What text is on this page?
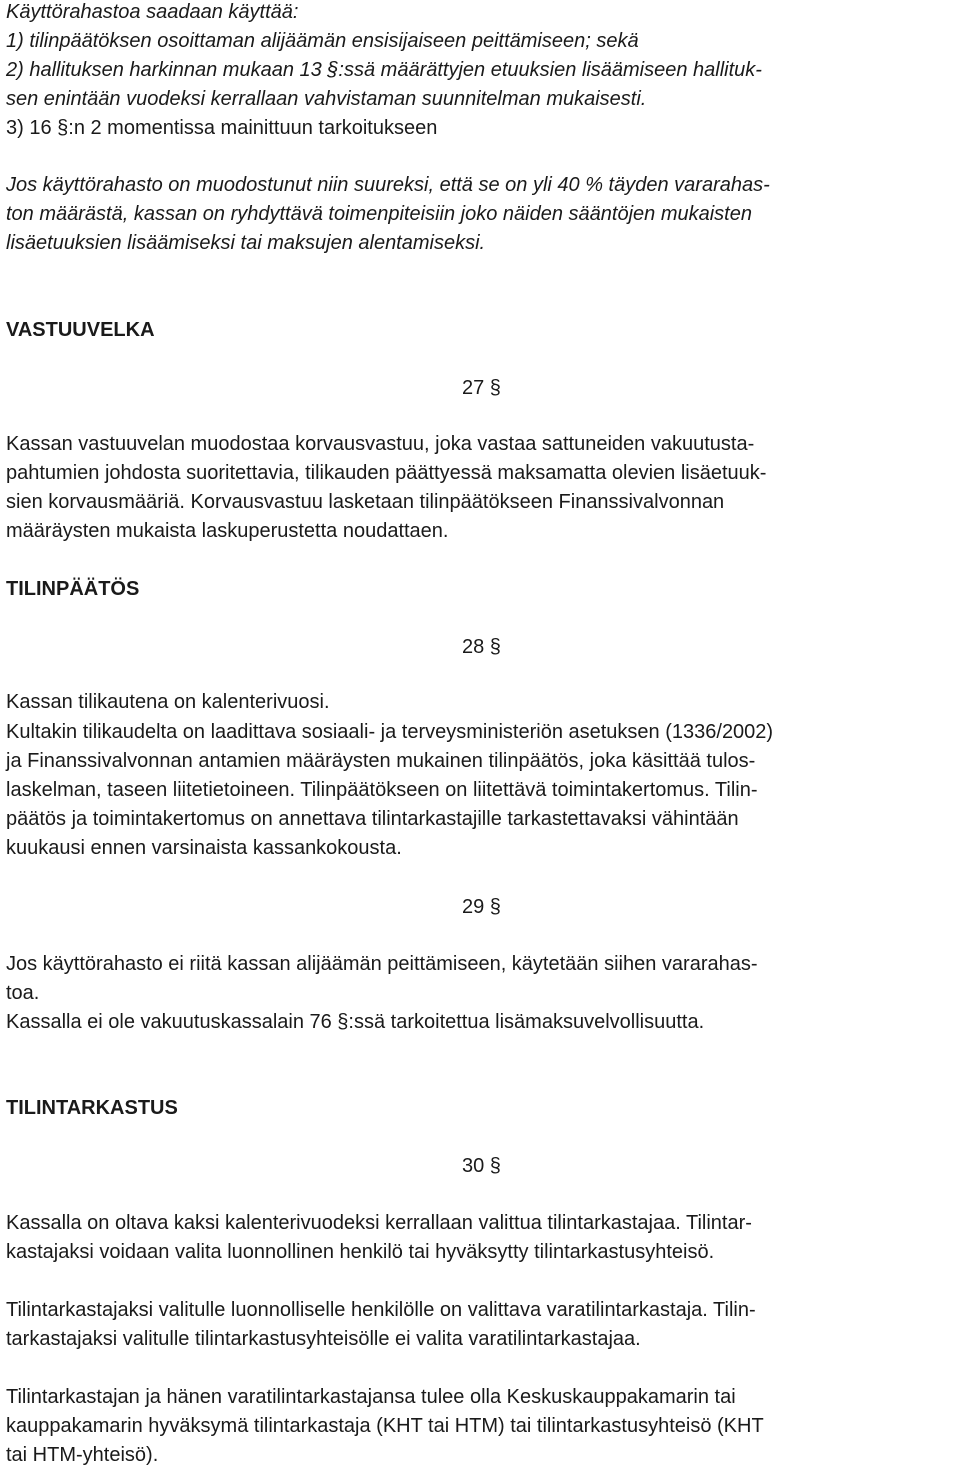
Käyttörahastoa saadaan käyttää:
1) tilinpäätöksen osoittaman alijäämän ensisijaiseen peittämiseen; sekä
2) hallituksen harkinnan mukaan 13 §:ssä määrättyjen etuuksien lisäämiseen hallituk-
sen enintään vuodeksi kerrallaan vahvistaman suunnitelman mukaisesti.
3) 16 §:n 2 momentissa mainittuun tarkoitukseen
Jos käyttörahasto on muodostunut niin suureksi, että se on yli 40 % täyden vararahas-
ton määrästä, kassan on ryhdyttävä toimenpiteisiin joko näiden sääntöjen mukaisten
lisäetuuksien lisäämiseksi tai maksujen alentamiseksi.
VASTUUVELKA
27 §
Kassan vastuuvelan muodostaa korvausvastuu, joka vastaa sattuneiden vakuutusta-
pahtumien johdosta suoritettavia, tilikauden päättyessä maksamatta olevien lisäetuuk-
sien korvausmääriä. Korvausvastuu lasketaan tilinpäätökseen Finanssivalvonnan
määräysten mukaista laskuperustetta noudattaen.
TILINPÄÄTÖS
28 §
Kassan tilikautena on kalenterivuosi.
Kultakin tilikaudelta on laadittava sosiaali- ja terveysministeriön asetuksen (1336/2002)
ja Finanssivalvonnan antamien määräysten mukainen tilinpäätös, joka käsittää tulos-
laskelman, taseen liitetietoineen. Tilinpäätökseen on liitettävä toimintakertomus. Tilin-
päätös ja toimintakertomus on annettava tilintarkastajille tarkastettavaksi vähintään
kuukausi ennen varsinaista kassankokousta.
29 §
Jos käyttörahasto ei riitä kassan alijäämän peittämiseen, käytetään siihen vararahas-
toa.
Kassalla ei ole vakuutuskassalain 76 §:ssä tarkoitettua lisämaksuvelvollisuutta.
TILINTARKASTUS
30 §
Kassalla on oltava kaksi kalenterivuodeksi kerrallaan valittua tilintarkastajaa. Tilintar-
kastajaksi voidaan valita luonnollinen henkilö tai hyväksytty tilintarkastusyhteisö.
Tilintarkastajaksi valitulle luonnolliselle henkilölle on valittava varatilintarkastaja. Tilin-
tarkastajaksi valitulle tilintarkastusyhteisölle ei valita varatilintarkastajaa.
Tilintarkastajan ja hänen varatilintarkastajansa tulee olla Keskuskauppakamarin tai
kauppakamarin hyväksymä tilintarkastaja (KHT tai HTM) tai tilintarkastusyhteisö (KHT
tai HTM-yhteisö).
